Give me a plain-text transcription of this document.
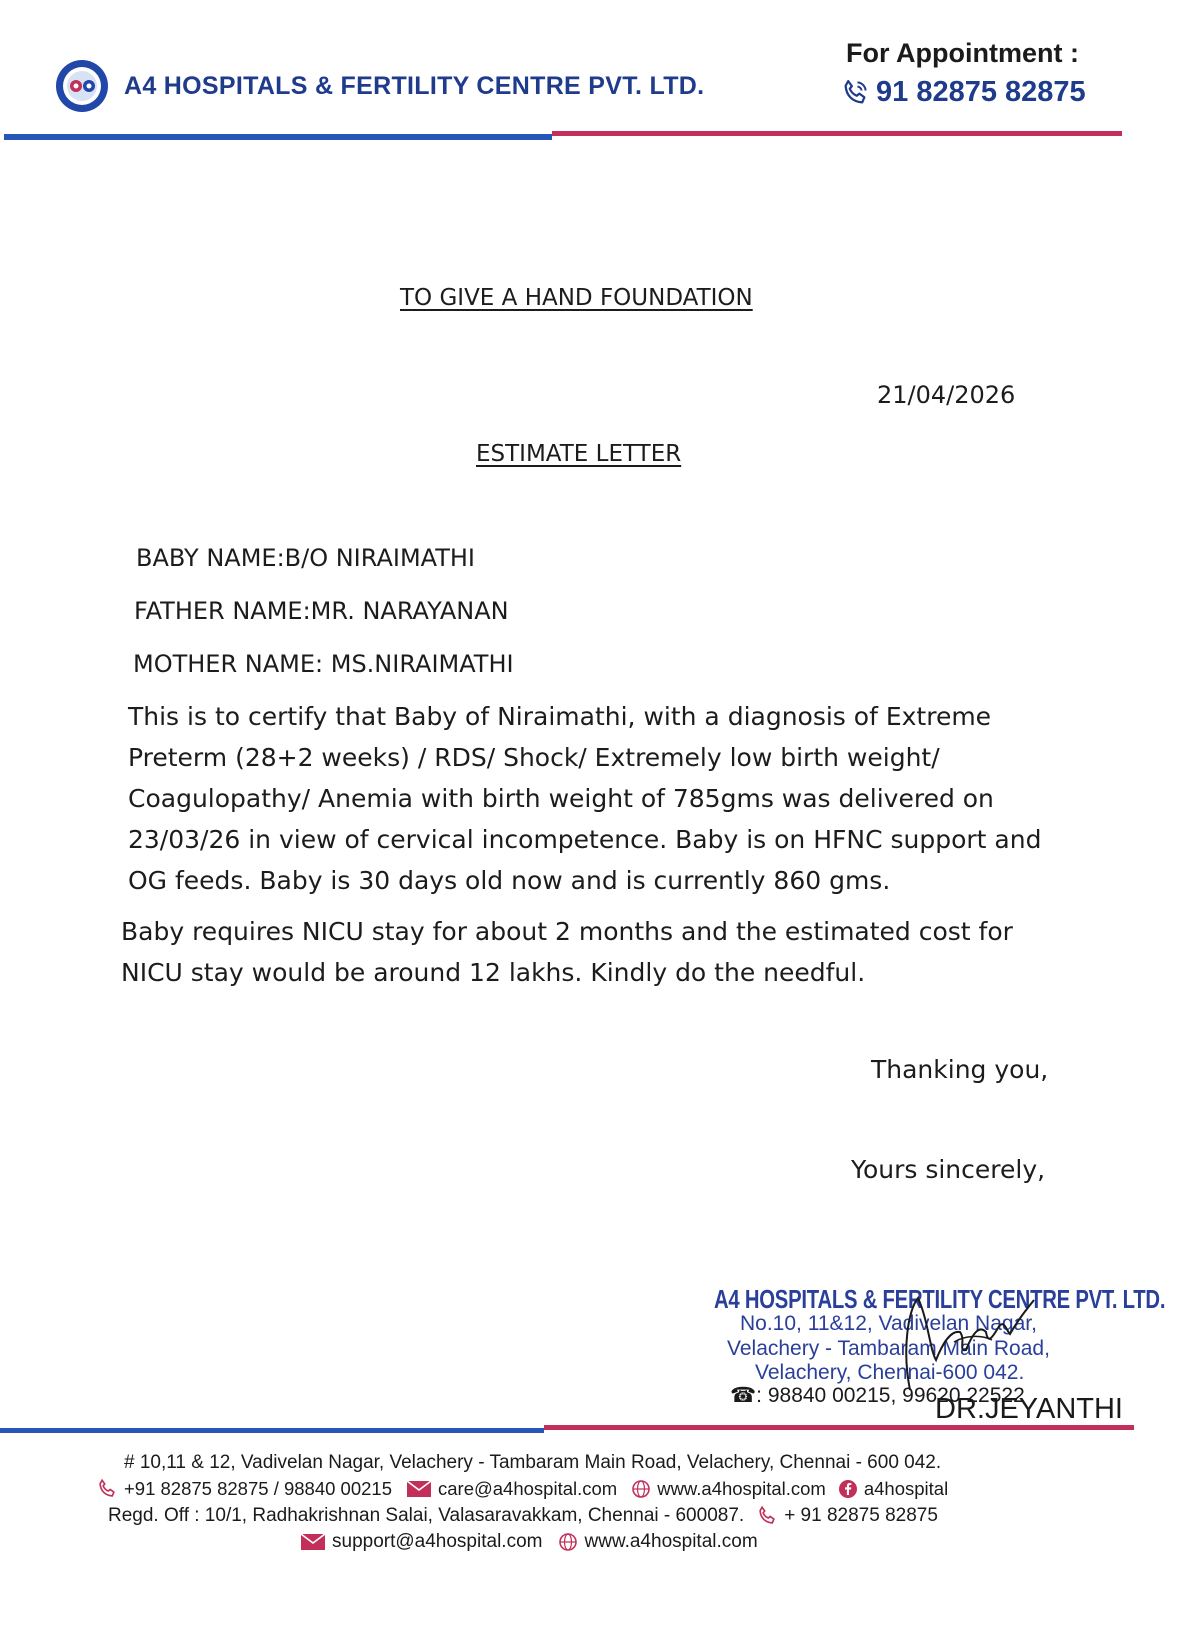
A4 HOSPITALS & FERTILITY CENTRE PVT. LTD.
For Appointment :
91 82875 82875
TO GIVE A HAND FOUNDATION
21/04/2026
ESTIMATE LETTER
BABY NAME:B/O NIRAIMATHI
FATHER NAME:MR. NARAYANAN
MOTHER NAME: MS.NIRAIMATHI
This is to certify that Baby of Niraimathi, with a diagnosis of Extreme
Preterm (28+2 weeks) / RDS/ Shock/ Extremely low birth weight/
Coagulopathy/ Anemia with birth weight of 785gms was delivered on
23/03/26 in view of cervical incompetence. Baby is on HFNC support and
OG feeds. Baby is 30 days old now and is currently 860 gms.
Baby requires NICU stay for about 2 months and the estimated cost for
NICU stay would be around 12 lakhs. Kindly do the needful.
Thanking you,
Yours sincerely,
A4 HOSPITALS & FERTILITY CENTRE PVT. LTD.
No.10, 11&12, Vadivelan Nagar,
Velachery - Tambaram Main Road,
Velachery, Chennai-600 042.
☎: 98840 00215, 99620 22522
DR.JEYANTHI
# 10,11 & 12, Vadivelan Nagar, Velachery - Tambaram Main Road, Velachery, Chennai - 600 042.
+91 82875 82875 / 98840 00215 care@a4hospital.com www.a4hospital.com a4hospital
Regd. Off : 10/1, Radhakrishnan Salai, Valasaravakkam, Chennai - 600087. + 91 82875 82875
support@a4hospital.com www.a4hospital.com
